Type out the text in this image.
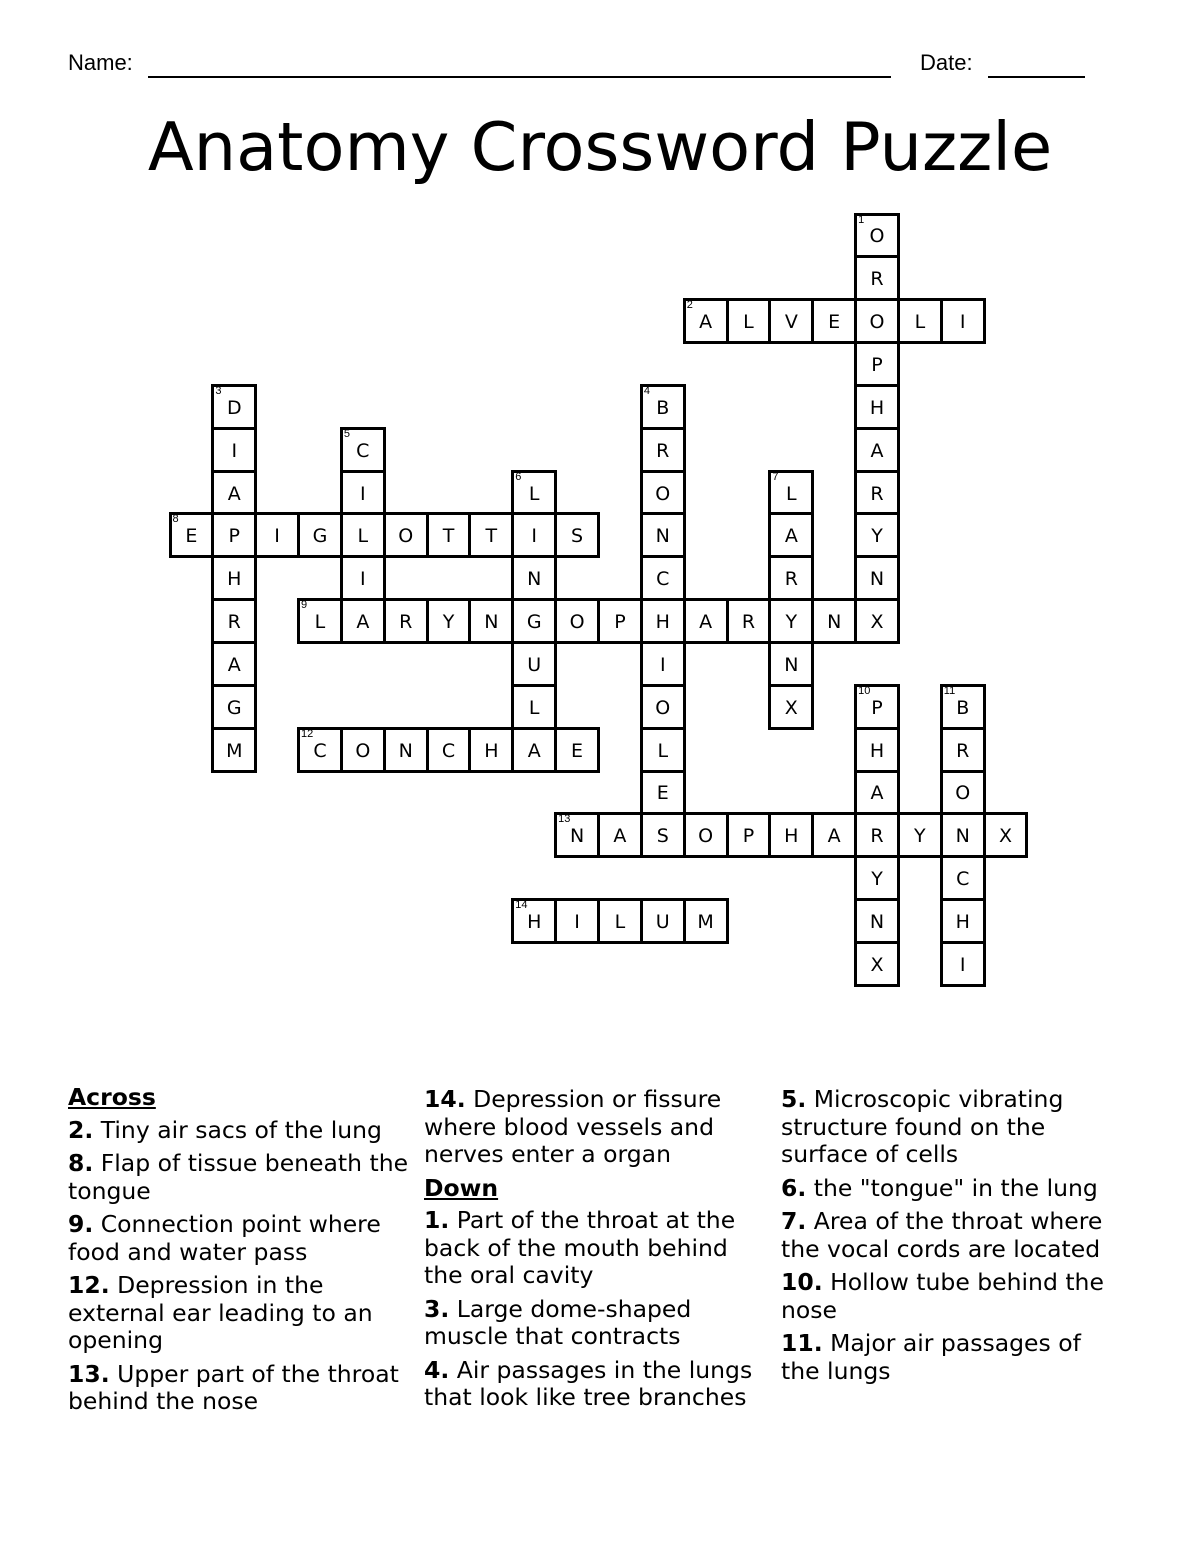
Name:	Date:
Anatomy Crossword Puzzle
1
O
R
O
P
H
A
R
Y
N
X
2
A L V E	L I
3
D
I
A
P
H
R
A
G
M
4
B
R
O
N
C
H
I
O
L
E
5
C
I
L
I
A
6
L
I
N
G
U
L
A
7
L
A
R
Y
N
X
8
E	I G	O T T	S
9
L	R Y N	O P	A R	N
10
P
H
A
R
Y
N
X
11
B
R
O
N
C
H
I
12
C O N C H	E
13
N A S O P H A	Y	X
14
H I L U M
Across
2. Tiny air sacs of the lung
8. Flap of tissue beneath the tongue
9. Connection point where food and water pass
12. Depression in the external ear leading to an opening
13. Upper part of the throat behind the nose
14. Depression or fissure where blood vessels and nerves enter a organ
Down
1. Part of the throat at the back of the mouth behind the oral cavity
3. Large dome-shaped muscle that contracts
4. Air passages in the lungs that look like tree branches
5. Microscopic vibrating structure found on the surface of cells
6. the "tongue" in the lung
7. Area of the throat where the vocal cords are located
10. Hollow tube behind the nose
11. Major air passages of the lungs
